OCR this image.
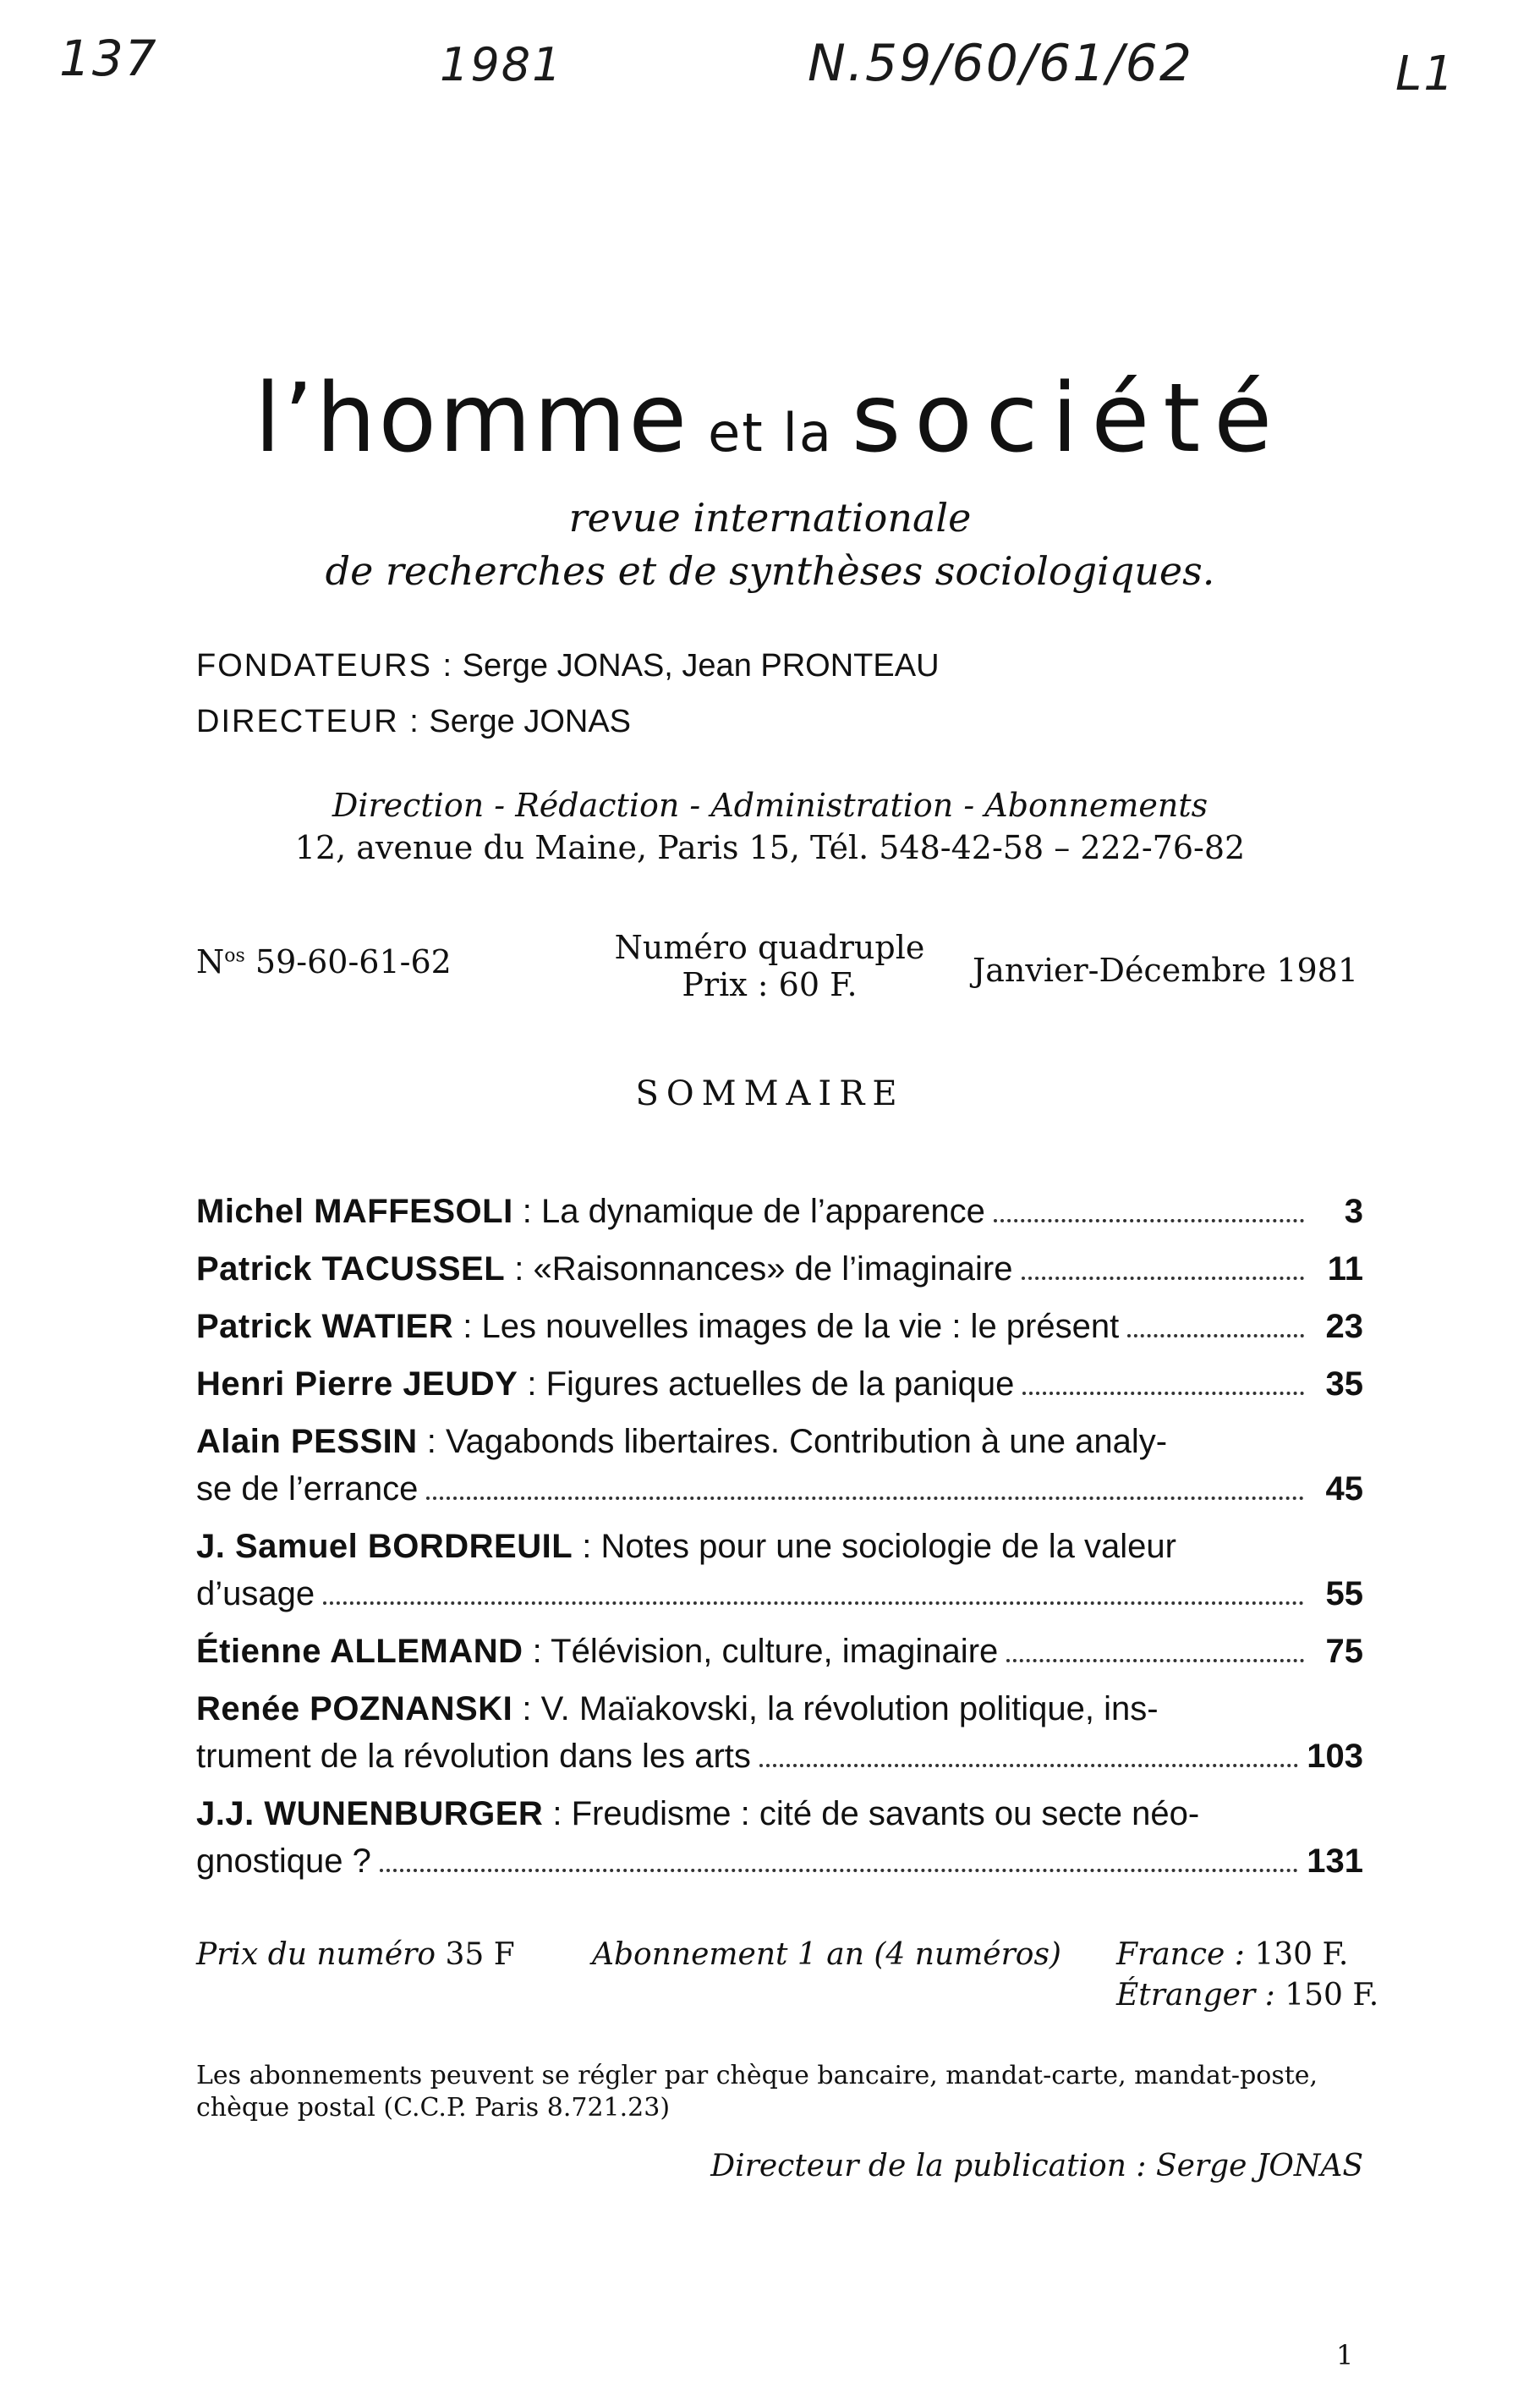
137	1981	N.59/60/61/62	L1
l’homme et la société
revue internationale
de recherches et de synthèses sociologiques.
FONDATEURS : Serge JONAS, Jean PRONTEAU
DIRECTEUR : Serge JONAS
Direction - Rédaction - Administration - Abonnements
12, avenue du Maine, Paris 15, Tél. 548-42-58 – 222-76-82
$N^{os}$ 59-60-61-62	Numéro quadruple
Prix : 60 F.	Janvier-Décembre 1981
SOMMAIRE
Michel MAFFESOLI : La dynamique de l’apparence	3
Patrick TACUSSEL : «Raisonnances» de l’imaginaire	11
Patrick WATIER : Les nouvelles images de la vie : le présent	23
Henri Pierre JEUDY : Figures actuelles de la panique	35
Alain PESSIN : Vagabonds libertaires. Contribution à une analy-
se de l’errance	45
J. Samuel BORDREUIL : Notes pour une sociologie de la valeur
d’usage	55
Étienne ALLEMAND : Télévision, culture, imaginaire	75
Renée POZNANSKI : V. Maïakovski, la révolution politique, ins-
trument de la révolution dans les arts	103
J.J. WUNENBURGER : Freudisme : cité de savants ou secte néo-
gnostique ?	131
Prix du numéro 35 F	Abonnement 1 an (4 numéros) France : 130 F.
Étranger : 150 F.
Les abonnements peuvent se régler par chèque bancaire, mandat-carte, mandat-poste, chèque postal (C.C.P. Paris 8.721.23)
Directeur de la publication : Serge JONAS
1
